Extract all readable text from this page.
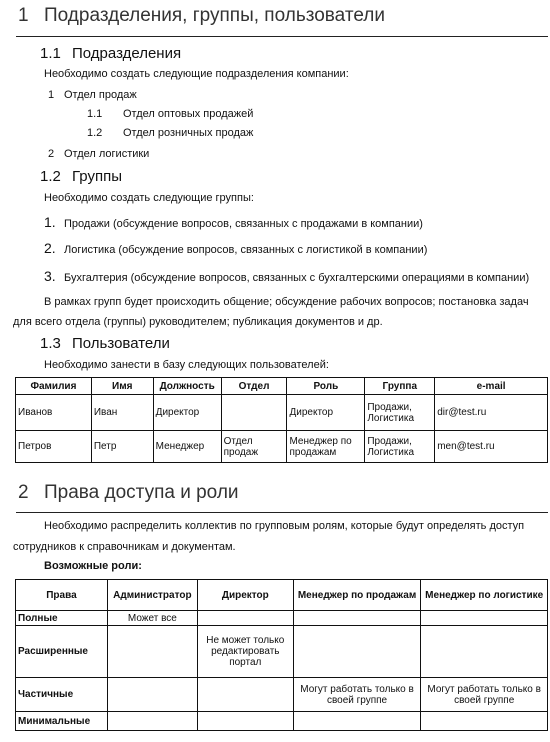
1 Подразделения, группы, пользователи
1.1 Подразделения
Необходимо создать следующие подразделения компании:
1 Отдел продаж
1.1 Отдел оптовых продажей
1.2 Отдел розничных продаж
2 Отдел логистики
1.2 Группы
Необходимо создать следующие группы:
1. Продажи (обсуждение вопросов, связанных с продажами в компании)
2. Логистика (обсуждение вопросов, связанных с логистикой в компании)
3. Бухгалтерия (обсуждение вопросов, связанных с бухгалтерскими операциями в компании)
В рамках групп будет происходить общение; обсуждение рабочих вопросов; постановка задач
для всего отдела (группы) руководителем; публикация документов и др.
1.3 Пользователи
Необходимо занести в базу следующих пользователей:
Фамилия	Имя	Должность	Отдел	Роль	Группа	e-mail
Иванов	Иван	Директор		Директор	Продажи, Логистика	dir@test.ru
Петров	Петр	Менеджер	Отдел продаж	Менеджер по продажам	Продажи, Логистика	men@test.ru
2 Права доступа и роли
Необходимо распределить коллектив по групповым ролям, которые будут определять доступ
сотрудников к справочникам и документам.
Возможные роли:
Права	Администратор	Директор	Менеджер по продажам	Менеджер по логистике
Полные	Может все			
Расширенные		Не может только редактировать портал		
Частичные			Могут работать только в своей группе	Могут работать только в своей группе
Минимальные				
